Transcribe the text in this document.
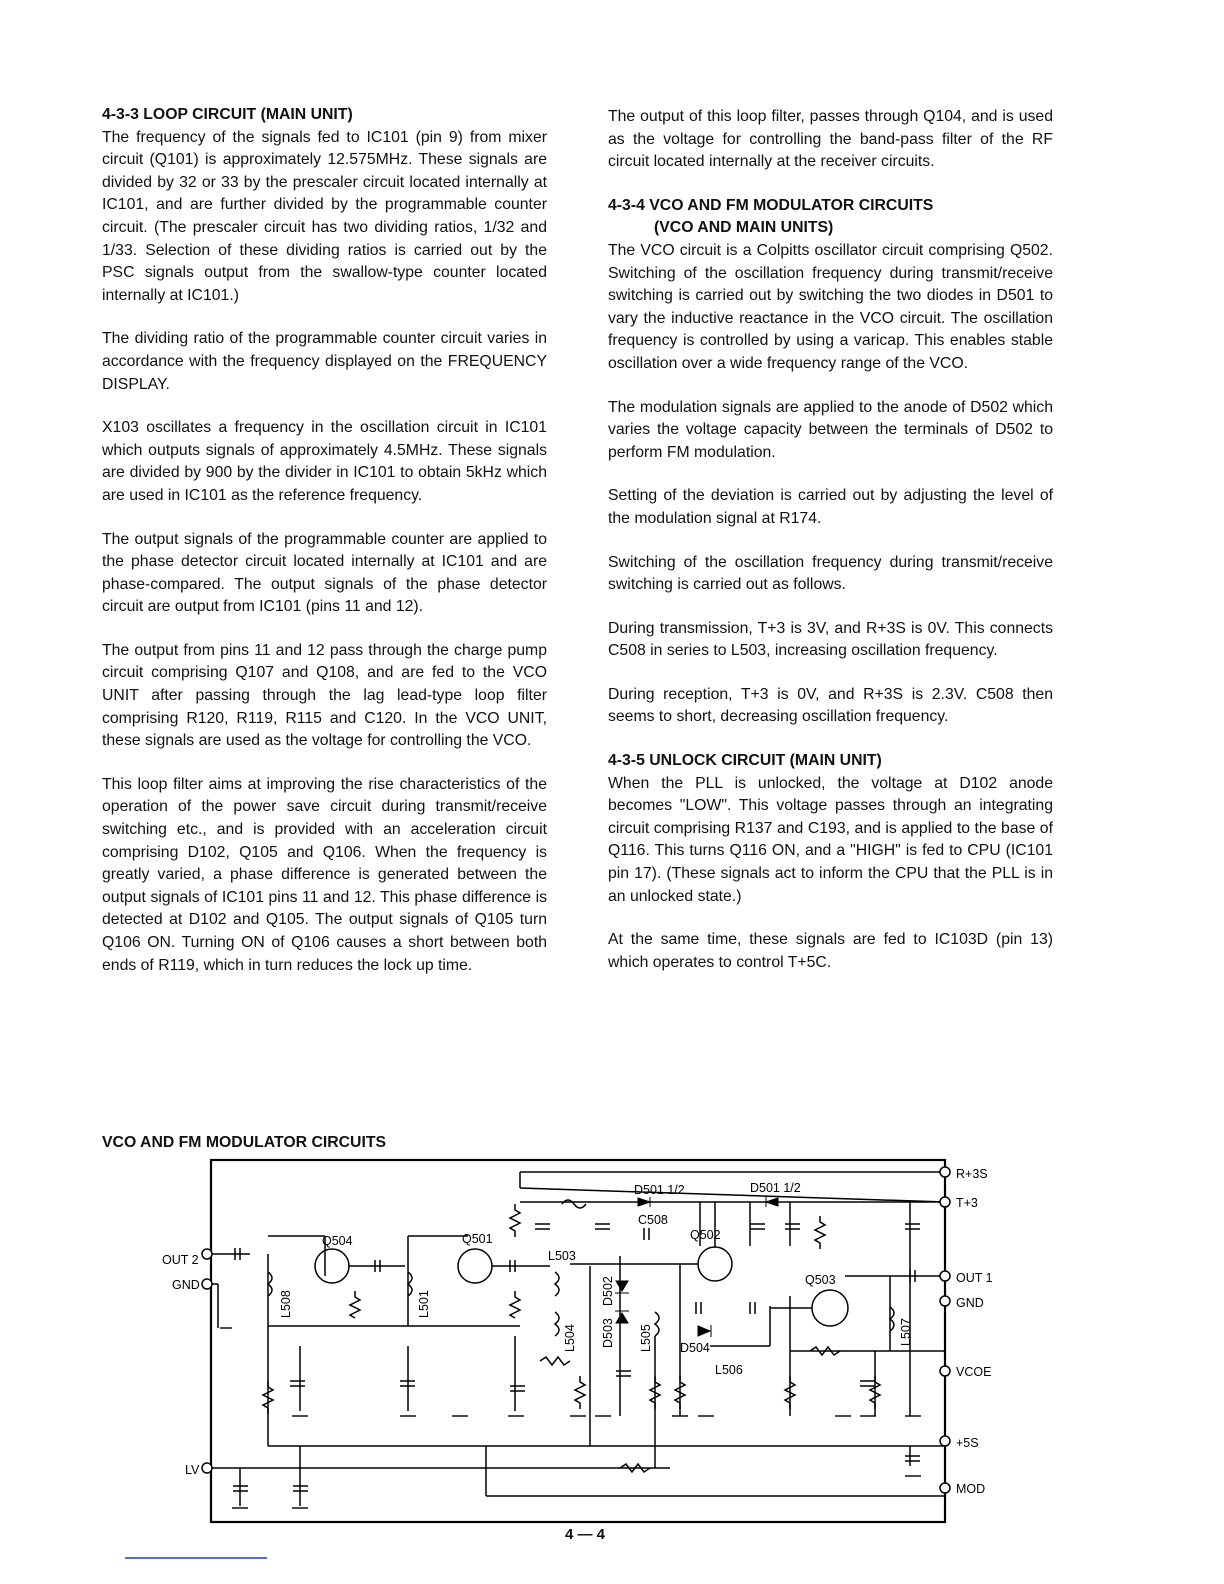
4-3-3 LOOP CIRCUIT (MAIN UNIT)

The frequency of the signals fed to IC101 (pin 9) from mixer circuit (Q101) is approximately 12.575MHz. These signals are divided by 32 or 33 by the prescaler circuit located internally at IC101, and are further divided by the programmable counter circuit. (The prescaler circuit has two dividing ratios, 1/32 and 1/33. Selection of these dividing ratios is carried out by the PSC signals output from the swallow-type counter located internally at IC101.)

The dividing ratio of the programmable counter circuit varies in accordance with the frequency displayed on the FREQUENCY DISPLAY.

X103 oscillates a frequency in the oscillation circuit in IC101 which outputs signals of approximately 4.5MHz. These signals are divided by 900 by the divider in IC101 to obtain 5kHz which are used in IC101 as the reference frequency.

The output signals of the programmable counter are applied to the phase detector circuit located internally at IC101 and are phase-compared. The output signals of the phase detector circuit are output from IC101 (pins 11 and 12).

The output from pins 11 and 12 pass through the charge pump circuit comprising Q107 and Q108, and are fed to the VCO UNIT after passing through the lag lead-type loop filter comprising R120, R119, R115 and C120. In the VCO UNIT, these signals are used as the voltage for controlling the VCO.

This loop filter aims at improving the rise characteristics of the operation of the power save circuit during transmit/receive switching etc., and is provided with an acceleration circuit comprising D102, Q105 and Q106. When the frequency is greatly varied, a phase difference is generated between the output signals of IC101 pins 11 and 12. This phase difference is detected at D102 and Q105. The output signals of Q105 turn Q106 ON. Turning ON of Q106 causes a short between both ends of R119, which in turn reduces the lock up time.

The output of this loop filter, passes through Q104, and is used as the voltage for controlling the band-pass filter of the RF circuit located internally at the receiver circuits.

4-3-4 VCO AND FM MODULATOR CIRCUITS
(VCO AND MAIN UNITS)

The VCO circuit is a Colpitts oscillator circuit comprising Q502. Switching of the oscillation frequency during transmit/receive switching is carried out by switching the two diodes in D501 to vary the inductive reactance in the VCO circuit. The oscillation frequency is controlled by using a varicap. This enables stable oscillation over a wide frequency range of the VCO.

The modulation signals are applied to the anode of D502 which varies the voltage capacity between the terminals of D502 to perform FM modulation.

Setting of the deviation is carried out by adjusting the level of the modulation signal at R174.

Switching of the oscillation frequency during transmit/receive switching is carried out as follows.

During transmission, T+3 is 3V, and R+3S is 0V. This connects C508 in series to L503, increasing oscillation frequency.

During reception, T+3 is 0V, and R+3S is 2.3V. C508 then seems to short, decreasing oscillation frequency.

4-3-5 UNLOCK CIRCUIT (MAIN UNIT)

When the PLL is unlocked, the voltage at D102 anode becomes "LOW". This voltage passes through an integrating circuit comprising R137 and C193, and is applied to the base of Q116. This turns Q116 ON, and a "HIGH" is fed to CPU (IC101 pin 17). (These signals act to inform the CPU that the PLL is in an unlocked state.)

At the same time, these signals are fed to IC103D (pin 13) which operates to control T+5C.

VCO AND FM MODULATOR CIRCUITS
OUT 2
GND
LV
R+3S
T+3
OUT 1
GND
VCOE
+5S
MOD
Q504	Q501	Q502
Q503
L503
D501 1/2	D501 1/2
C508
D504
L506
L508	L501
L504
D502
D503 L505	L507
4 — 4
